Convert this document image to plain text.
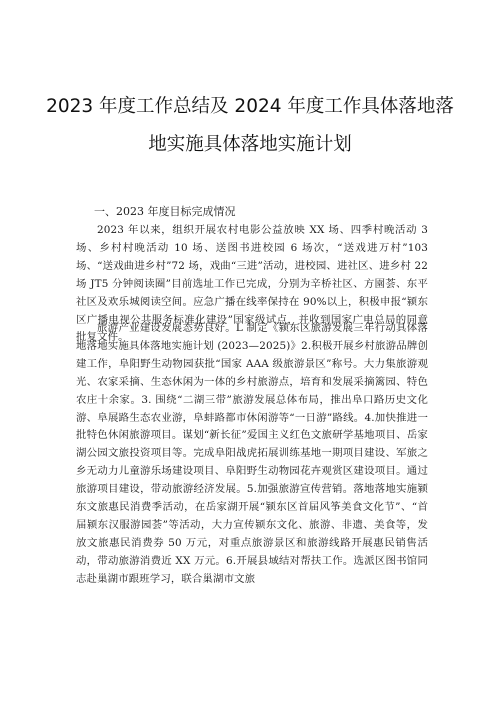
2023 年度工作总结及 2024 年度工作具体落地落
地实施具体落地实施计划
一、2023 年度目标完成情况

2023 年以来，组织开展农村电影公益放映 XX 场、四季村晚活动 3 场、乡村村晚活动 10 场、送图书进校园 6 场次，“送戏进万村”103 场、“送戏曲进乡村”72 场，戏曲“三进”活动，进校园、进社区、进乡村 22 场 JT5 分钟阅读圈”目前选址工作已完成，分别为辛桥社区、方園荟、东平社区及欢乐城阅读空间。应急广播在线率保持在 90%以上，积极申报“颍东区广播电视公共服务标准化建设”国家级试点，并收到国家广电总局的同意批复文件。

旅游产业建设发展态势良好。L 制定《颍东区旅游发展三年行动具体落地落地实施具体落地实施计划 (2023—2025)》2.积极开展乡村旅游品牌创建工作，阜阳野生动物园获批“国家 AAA 级旅游景区”称号。大力集旅游观光、农家采摘、生态休闲为一体的乡村旅游点，培育和发展采摘篱园、特色农庄十余家。3. 围绕“二湖三带”旅游发展总体布局，推出阜口路历史文化游、阜展路生态农业游，阜蚌路都市休闲游等“一日游”路线。4.加快推进一批特色休闲旅游项目。谋划“新长征”爱国主义红色文旅研学基地项目、岳家湖公园文旅投资项目等。完成阜阳战虎拓展训练基地一期项目建设、军旅之乡无动力儿童游乐场建设项目、阜阳野生动物园花卉观赏区建设项目。通过旅游项目建设，带动旅游经济发展。5.加强旅游宣传营销。落地落地实施颍东文旅惠民消费季活动，在岳家湖开展“颍东区首届风筝美食文化节”、“首届颍东汉服游园荟”等活动，大力宣传颍东文化、旅游、非遗、美食等，发放文旅惠民消费券 50 万元，对重点旅游景区和旅游线路开展惠民销售活动，带动旅游消费近 XX 万元。6.开展县域结对帮扶工作。选派区图书馆同志赴巢湖市跟班学习，联合巢湖市文旅
